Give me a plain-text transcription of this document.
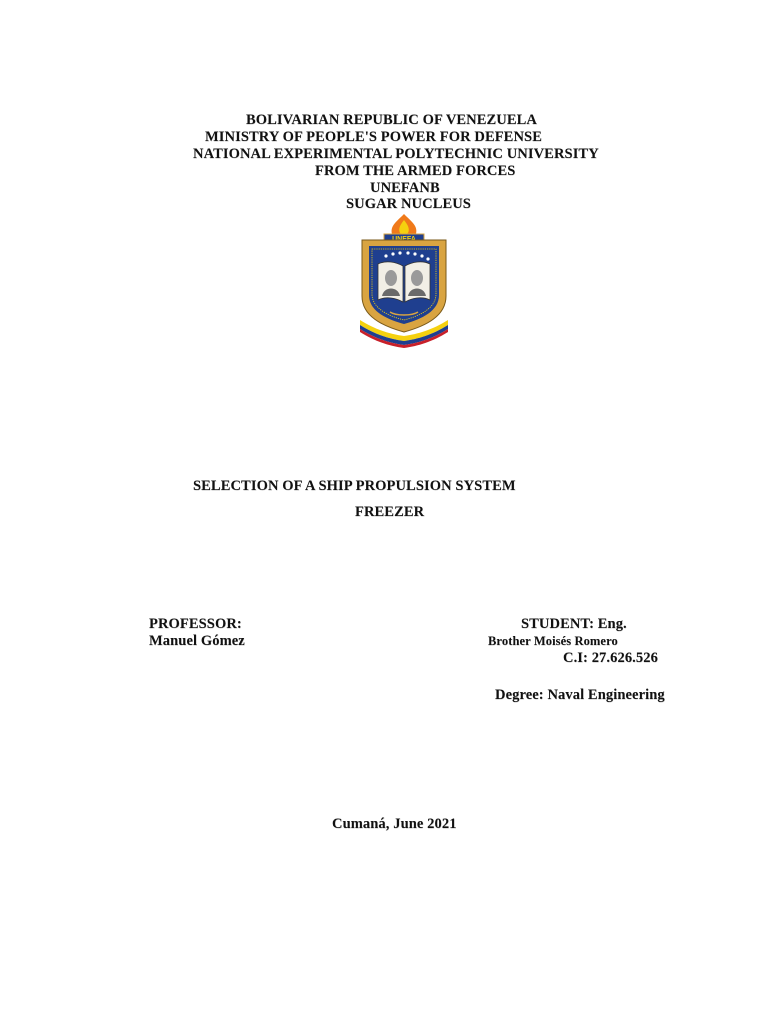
BOLIVARIAN REPUBLIC OF VENEZUELA
MINISTRY OF PEOPLE'S POWER FOR DEFENSE
NATIONAL EXPERIMENTAL POLYTECHNIC UNIVERSITY
FROM THE ARMED FORCES
UNEFANB
SUGAR NUCLEUS
SELECTION OF A SHIP PROPULSION SYSTEM
FREEZER
PROFESSOR:
Manuel Gómez
STUDENT: Eng.
Brother Moisés Romero
C.I: 27.626.526
Degree: Naval Engineering
Cumaná, June 2021
